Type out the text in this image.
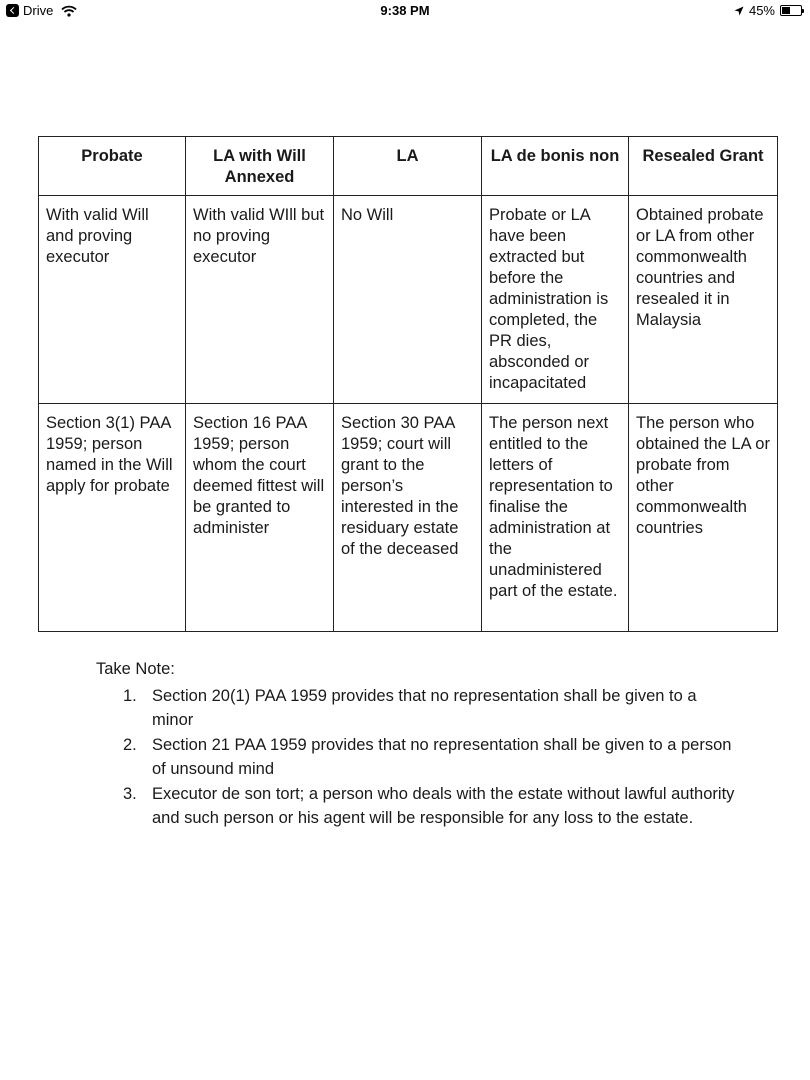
Drive	9:38 PM	45%
Probate	LA with Will Annexed	LA	LA de bonis non	Resealed Grant
With valid Will and proving executor	With valid WIll but no proving executor	No Will	Probate or LA have been extracted but before the administration is completed, the PR dies, absconded or incapacitated	Obtained probate or LA from other commonwealth countries and resealed it in Malaysia
Section 3(1) PAA 1959; person named in the Will apply for probate	Section 16 PAA 1959; person whom the court deemed fittest will be granted to administer	Section 30 PAA 1959; court will grant to the person’s interested in the residuary estate of the deceased	The person next entitled to the letters of representation to finalise the administration at the unadministered part of the estate.	The person who obtained the LA or probate from other commonwealth countries
Take Note:
1. Section 20(1) PAA 1959 provides that no representation shall be given to a minor
2. Section 21 PAA 1959 provides that no representation shall be given to a person of unsound mind
3. Executor de son tort; a person who deals with the estate without lawful authority and such person or his agent will be responsible for any loss to the estate.
